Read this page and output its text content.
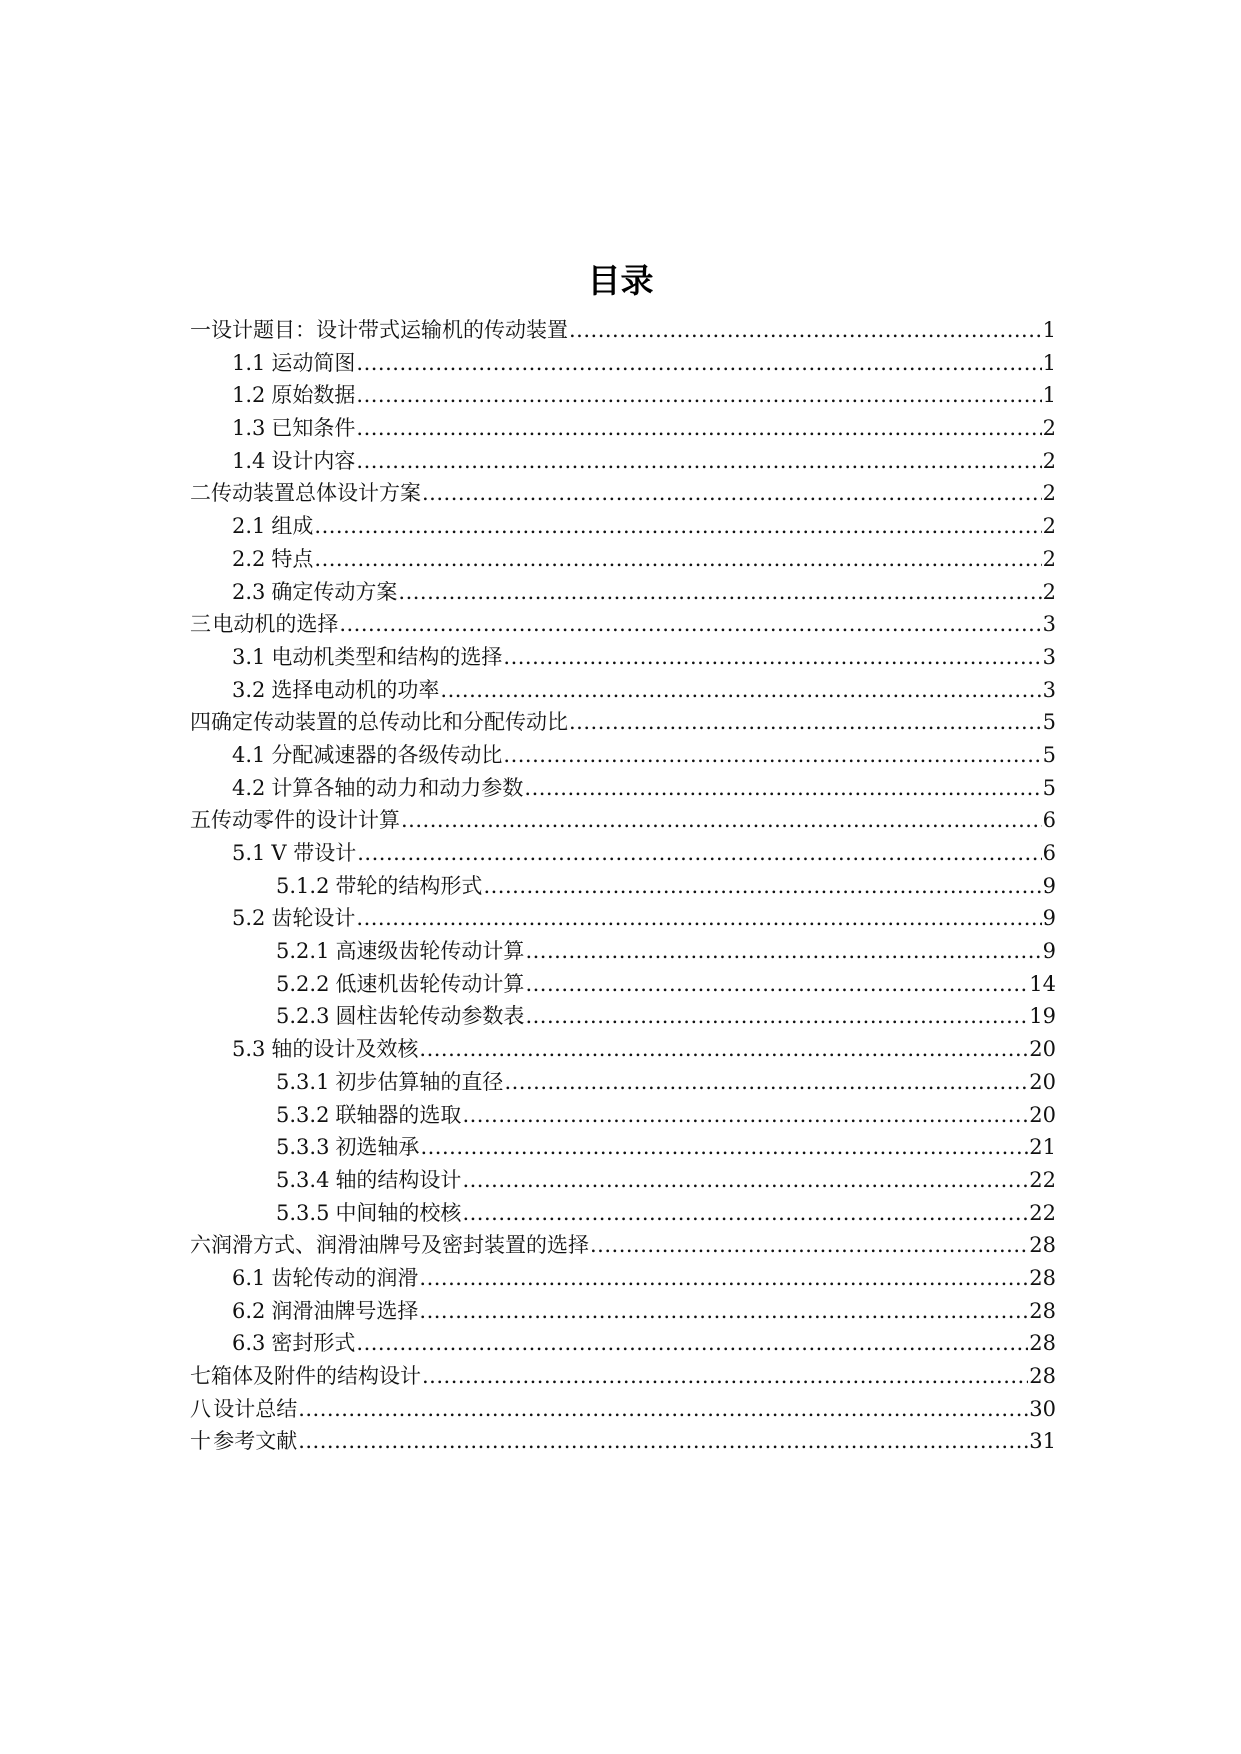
目录
一 设计题目：设计带式运输机的传动装置 .....	1
1.1 运动简图 .....	1
1.2 原始数据 .....	1
1.3 已知条件 .....	2
1.4 设计内容 .....	2
二 传动装置总体设计方案 .....	2
2.1 组成 .....	2
2.2 特点 .....	2
2.3 确定传动方案 .....	2
三 电动机的选择 .....	3
3.1 电动机类型和结构的选择 .....	3
3.2 选择电动机的功率 .....	3
四 确定传动装置的总传动比和分配传动比 .....	5
4.1 分配减速器的各级传动比 .....	5
4.2 计算各轴的动力和动力参数 .....	5
五 传动零件的设计计算 .....	6
5.1 V 带设计 .....	6
5.1.2 带轮的结构形式 .....	9
5.2 齿轮设计 .....	9
5.2.1 高速级齿轮传动计算 .....	9
5.2.2 低速机齿轮传动计算 .....	14
5.2.3 圆柱齿轮传动参数表 .....	19
5.3 轴的设计及效核 .....	20
5.3.1 初步估算轴的直径 .....	20
5.3.2 联轴器的选取 .....	20
5.3.3 初选轴承 .....	21
5.3.4 轴的结构设计 .....	22
5.3.5 中间轴的校核 .....	22
六 润滑方式、润滑油牌号及密封装置的选择 .....	28
6.1 齿轮传动的润滑 .....	28
6.2 润滑油牌号选择 .....	28
6.3 密封形式 .....	28
七 箱体及附件的结构设计 .....	28
八 设计总结 .....	30
十 参考文献 .....	31
